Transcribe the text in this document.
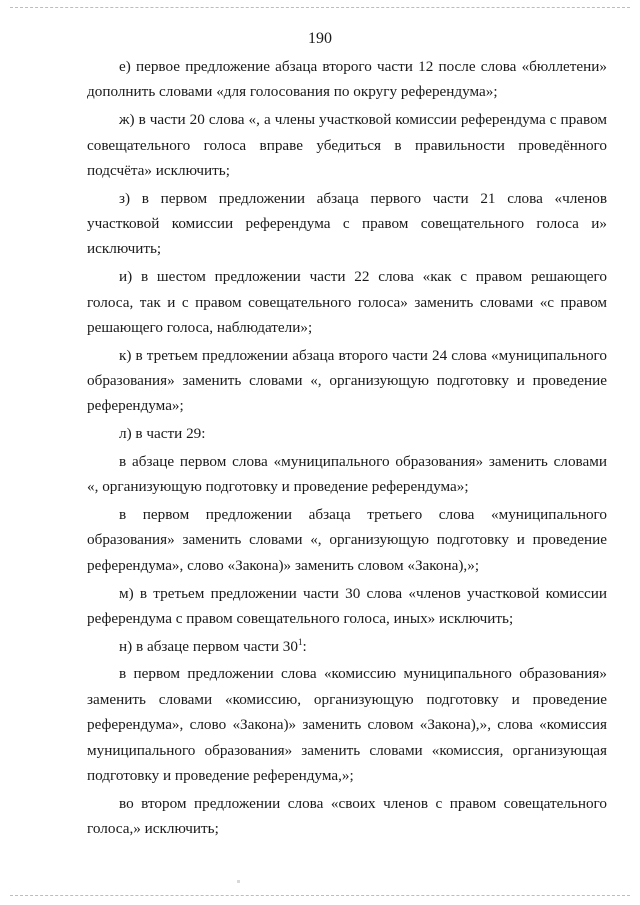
190

е) первое предложение абзаца второго части 12 после слова «бюллетени» дополнить словами «для голосования по округу референдума»;

ж) в части 20 слова «, а члены участковой комиссии референдума с правом совещательного голоса вправе убедиться в правильности проведённого подсчёта» исключить;

з) в первом предложении абзаца первого части 21 слова «членов участковой комиссии референдума с правом совещательного голоса и» исключить;

и) в шестом предложении части 22 слова «как с правом решающего голоса, так и с правом совещательного голоса» заменить словами «с правом решающего голоса, наблюдатели»;

к) в третьем предложении абзаца второго части 24 слова «муниципального образования» заменить словами «, организующую подготовку и проведение референдума»;

л) в части 29:

в абзаце первом слова «муниципального образования» заменить словами «, организующую подготовку и проведение референдума»;

в первом предложении абзаца третьего слова «муниципального образования» заменить словами «, организующую подготовку и проведение референдума», слово «Закона)» заменить словом «Закона),»;

м) в третьем предложении части 30 слова «членов участковой комиссии референдума с правом совещательного голоса, иных» исключить;

н) в абзаце первом части $30^1$:

в первом предложении слова «комиссию муниципального образования» заменить словами «комиссию, организующую подготовку и проведение референдума», слово «Закона)» заменить словом «Закона),», слова «комиссия муниципального образования» заменить словами «комиссия, организующая подготовку и проведение референдума,»;

во втором предложении слова «своих членов с правом совещательного голоса,» исключить;
